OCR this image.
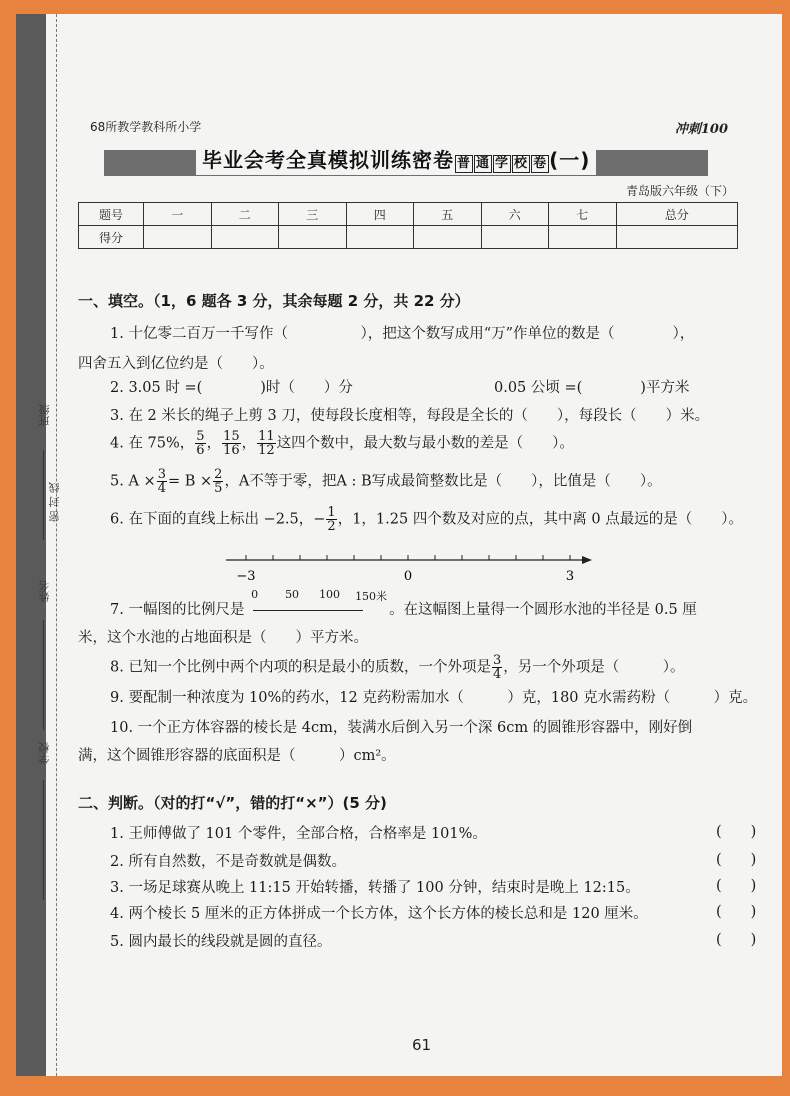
班级
密 封 线
姓名
学校
68所教学教科所小学	冲刺100
毕业会考全真模拟训练密卷 普 通 学 校 卷 (一)
青岛版六年级（下）
题号	一	二	三	四	五	六	七	总分
得分								
一、填空。（1，6 题各 3 分，其余每题 2 分，共 22 分）
1. 十亿零二百万一千写作（　　　　　），把这个数写成用“万”作单位的数是（　　　　），
四舍五入到亿位约是（　　）。
2. 3.05 时 =(　　　　)时（　　）分	0.05 公顷 =(　　　　)平方米
3. 在 2 米长的绳子上剪 3 刀，使每段长度相等，每段是全长的（　　），每段长（　　）米。
4. 在 75%， $\frac{5}{6}$ ， $\frac{15}{16}$ ， $\frac{11}{12}$ 这四个数中，最大数与最小数的差是（　　）。
5. $A \times \frac{3}{4} = B \times \frac{2}{5}$ ，A不等于零，把A : B写成最简整数比是（　　），比值是（　　）。
6. 在下面的直线上标出 −2.5，− $\frac{1}{2}$ ，1，1.25 四个数及对应的点，其中离 0 点最远的是（　　）。
−3	0	3
7. 一幅图的比例尺是
0 50 100 150米
。在这幅图上量得一个圆形水池的半径是 0.5 厘
米，这个水池的占地面积是（　　）平方米。
8. 已知一个比例中两个内项的积是最小的质数，一个外项是 $\frac{3}{4}$ ，另一个外项是（　　　）。
9. 要配制一种浓度为 10%的药水，12 克药粉需加水（　　　）克，180 克水需药粉（　　　）克。
10. 一个正方体容器的棱长是 4cm，装满水后倒入另一个深 6cm 的圆锥形容器中，刚好倒
满，这个圆锥形容器的底面积是（　　　）cm²。
二、判断。（对的打“√”，错的打“×”）(5 分)
1. 王师傅做了 101 个零件，全部合格，合格率是 101%。	(　　)
2. 所有自然数，不是奇数就是偶数。	(　　)
3. 一场足球赛从晚上 11:15 开始转播，转播了 100 分钟，结束时是晚上 12:15。	(　　)
4. 两个棱长 5 厘米的正方体拼成一个长方体，这个长方体的棱长总和是 120 厘米。	(　　)
5. 圆内最长的线段就是圆的直径。	(　　)
61
